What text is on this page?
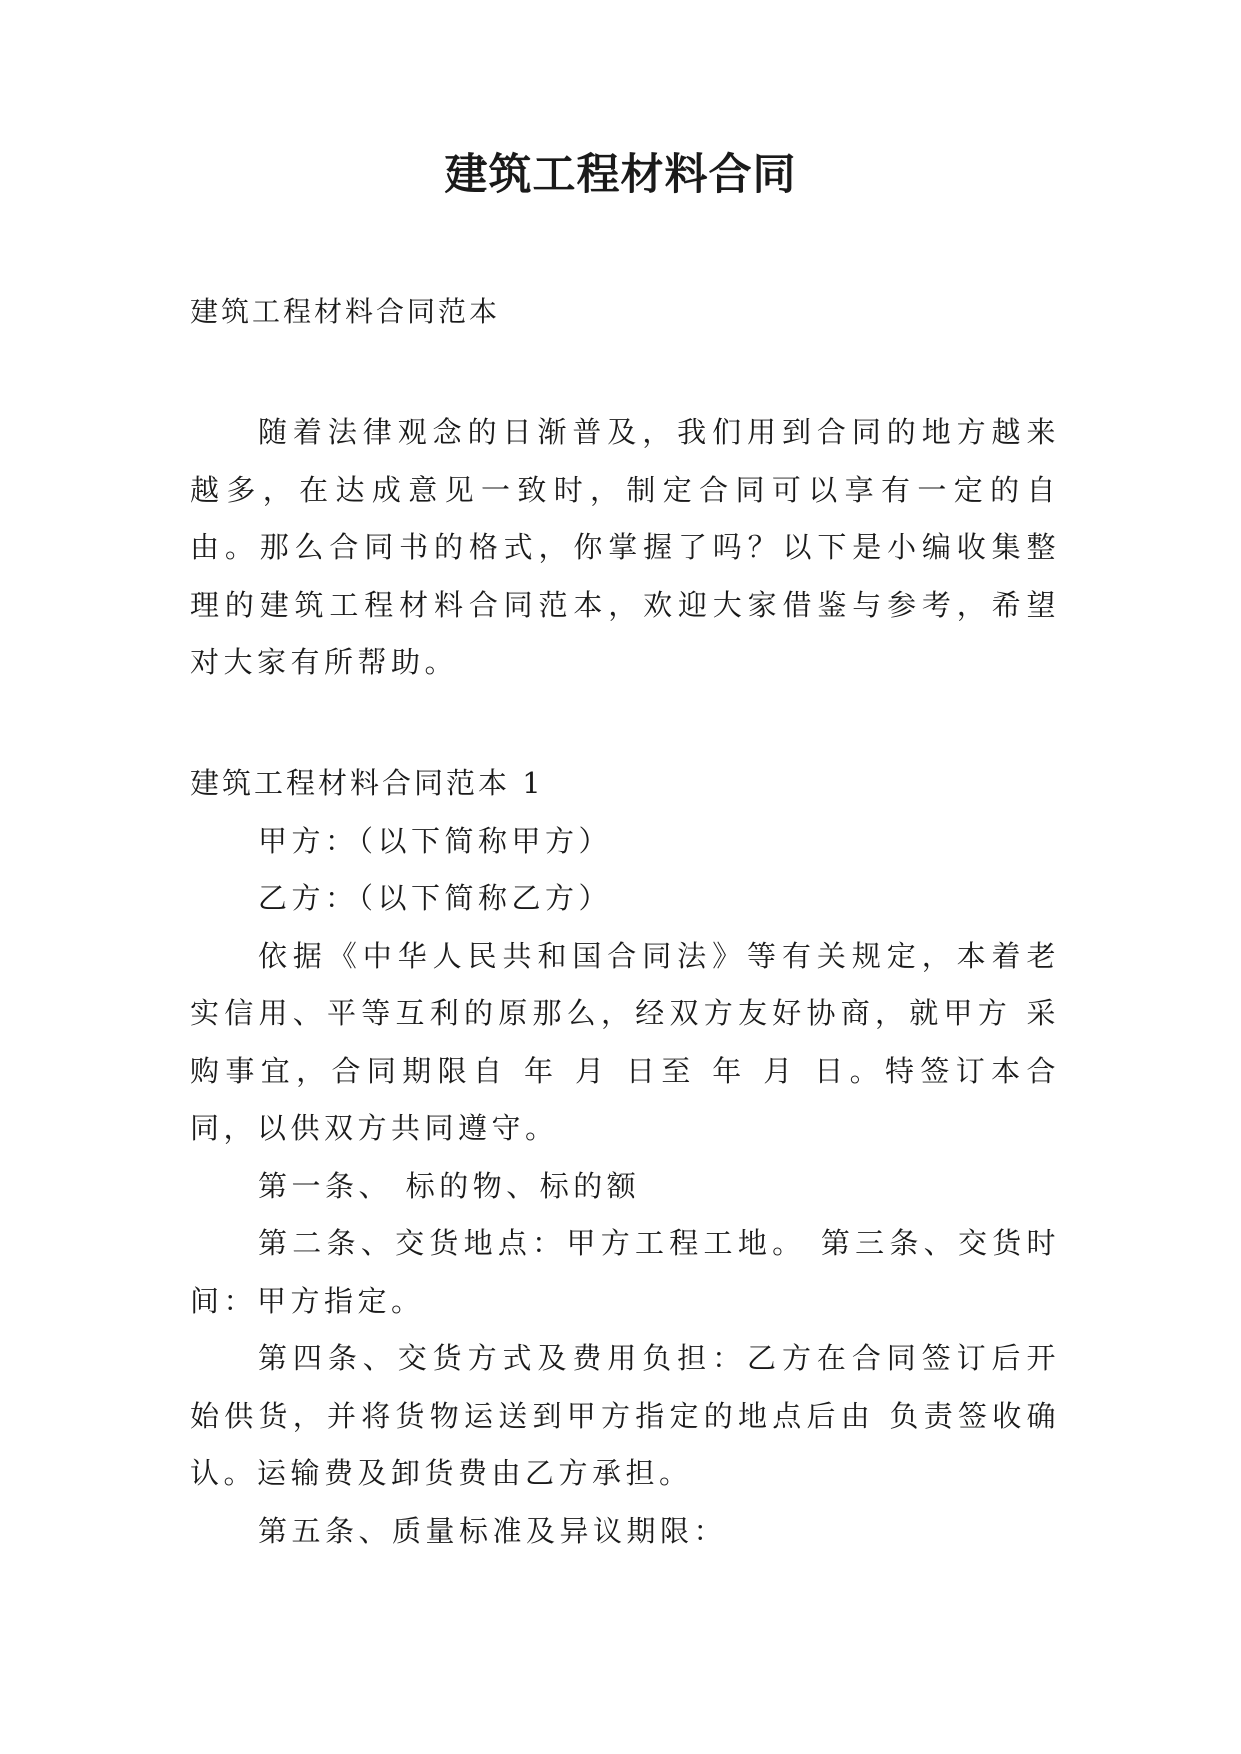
建筑工程材料合同
建筑工程材料合同范本
随着法律观念的日渐普及，我们用到合同的地方越来越多，在达成意见一致时，制定合同可以享有一定的自由。那么合同书的格式，你掌握了吗？以下是小编收集整理的建筑工程材料合同范本，欢迎大家借鉴与参考，希望对大家有所帮助。

建筑工程材料合同范本 1

甲方：（以下简称甲方）

乙方：（以下简称乙方）

依据《中华人民共和国合同法》等有关规定，本着老实信用、平等互利的原那么，经双方友好协商，就甲方 采购事宜，合同期限自 年 月 日至 年 月 日。特签订本合同，以供双方共同遵守。

第一条、 标的物、标的额

第二条、交货地点：甲方工程工地。 第三条、交货时间：甲方指定。

第四条、交货方式及费用负担：乙方在合同签订后开始供货，并将货物运送到甲方指定的地点后由 负责签收确认。运输费及卸货费由乙方承担。

第五条、质量标准及异议期限：
